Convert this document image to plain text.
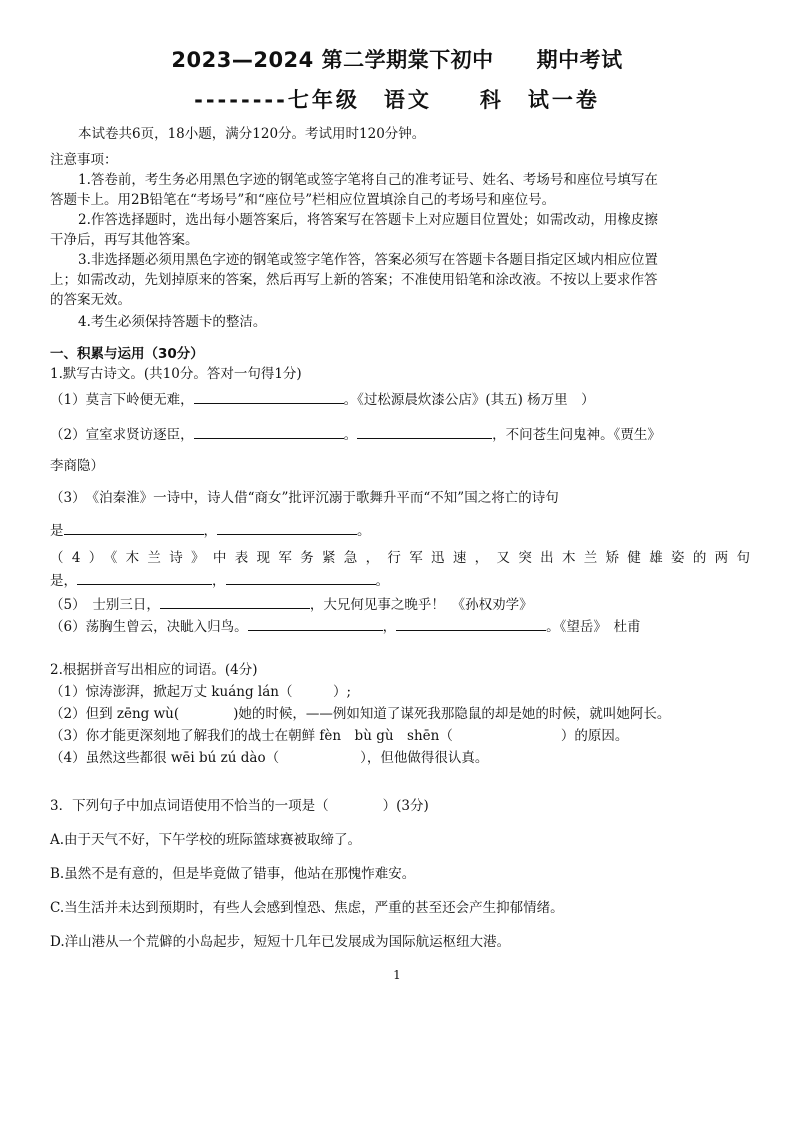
2023—2024 第二学期棠下初中　　期中考试
--------七年级　语文　　科　试一卷
本试卷共6页，18小题，满分120分。考试用时120分钟。
注意事项：
1.答卷前，考生务必用黑色字迹的钢笔或签字笔将自己的准考证号、姓名、考场号和座位号填写在
答题卡上。用2B铅笔在“考场号”和“座位号”栏相应位置填涂自己的考场号和座位号。
2.作答选择题时，选出每小题答案后，将答案写在答题卡上对应题目位置处；如需改动，用橡皮擦
干净后，再写其他答案。
3.非选择题必须用黑色字迹的钢笔或签字笔作答，答案必须写在答题卡各题目指定区域内相应位置
上；如需改动，先划掉原来的答案，然后再写上新的答案；不准使用铅笔和涂改液。不按以上要求作答
的答案无效。
4.考生必须保持答题卡的整洁。
一、积累与运用（30分）
1.默写古诗文。(共10分。答对一句得1分)
（1）莫言下岭便无难，	。《过松源晨炊漆公店》(其五) 杨万里　）
（2）宣室求贤访逐臣，	。	，不问苍生问鬼神。《贾生》
李商隐）
（3）　《泊秦淮》一诗中，诗人借“商女”批评沉溺于歌舞升平而“不知”国之将亡的诗句
是	，	。
（4）《木兰诗》中表现军务紧急，行军迅速，又突出木兰矫健雄姿的两句
是，	，	。
（5）　士别三日，	，大兄何见事之晚乎！　《孙权劝学》
（6）荡胸生曾云，决眦入归鸟。	，	。《望岳》　杜甫
2.根据拼音写出相应的词语。(4分)
（1）惊涛澎湃，掀起万丈 kuáng lán（　　　）;
（2）但到 zēng wù(　　　　)她的时候，——例如知道了谋死我那隐鼠的却是她的时候，就叫她阿长。
（3）你才能更深刻地了解我们的战士在朝鲜 fèn　bù gù　shēn（　　　　　　　　）的原因。
（4）虽然这些都很 wēi bú zú dào（　　　　　　），但他做得很认真。
3．下列句子中加点词语使用不恰当的一项是（　　　　）(3分)
A.由于天气不好，下午学校的班际篮球赛被取缔了。
B.虽然不是有意的，但是毕竟做了错事，他站在那愧怍难安。
C.当生活并未达到预期时，有些人会感到惶恐、焦虑，严重的甚至还会产生抑郁情绪。
D.洋山港从一个荒僻的小岛起步，短短十几年已发展成为国际航运枢纽大港。
1
